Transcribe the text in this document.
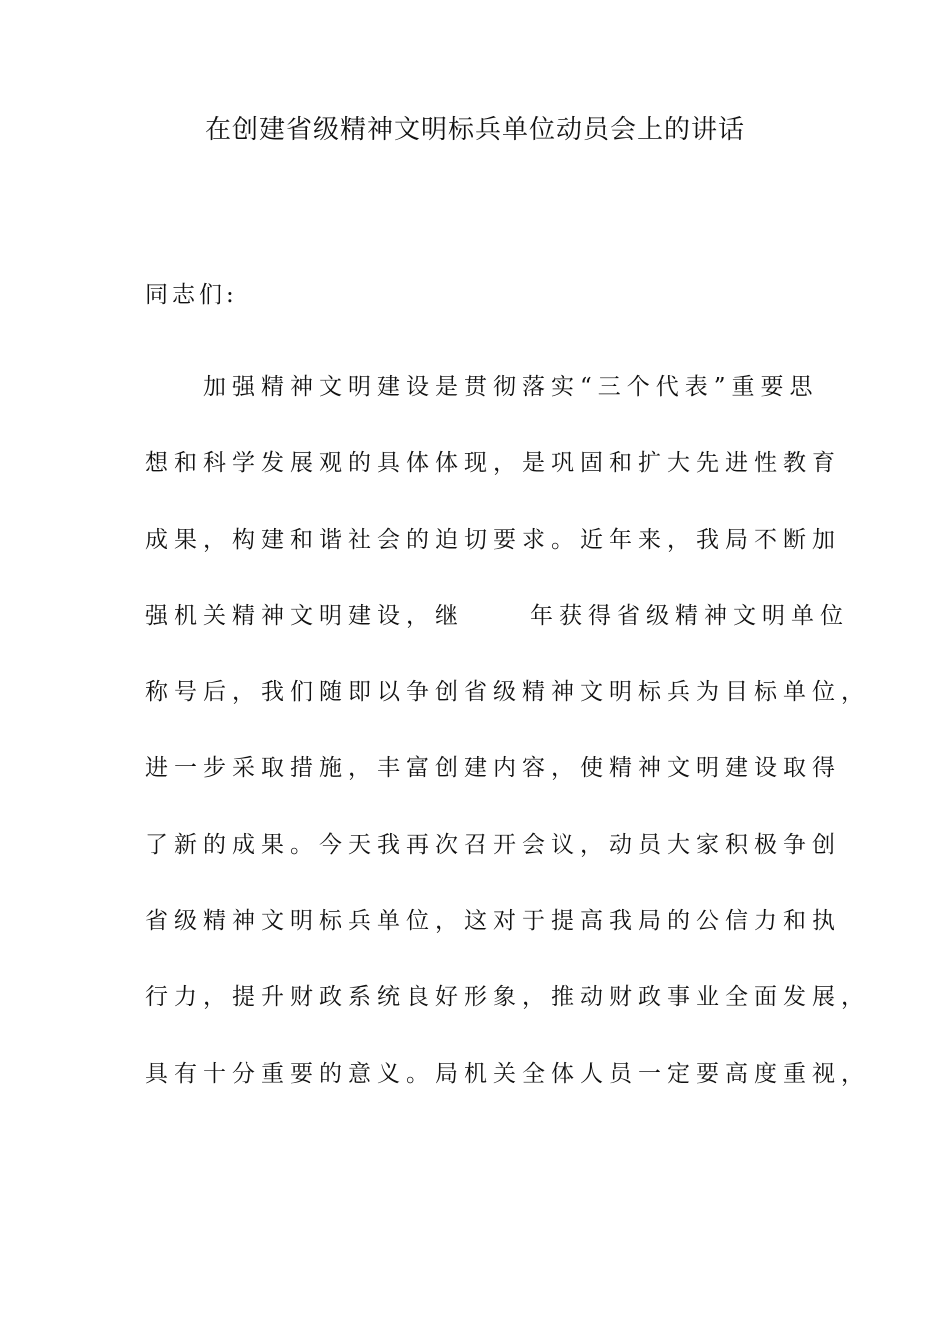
在创建省级精神文明标兵单位动员会上的讲话
同志们:
加强精神文明建设是贯彻落实“三个代表”重要思
想和科学发展观的具体体现，是巩固和扩大先进性教育
成果，构建和谐社会的迫切要求。近年来，我局不断加
强机关精神文明建设，继	年获得省级精神文明单位
称号后，我们随即以争创省级精神文明标兵为目标单位，
进一步采取措施，丰富创建内容，使精神文明建设取得
了新的成果。今天我再次召开会议，动员大家积极争创
省级精神文明标兵单位，这对于提高我局的公信力和执
行力，提升财政系统良好形象，推动财政事业全面发展，
具有十分重要的意义。局机关全体人员一定要高度重视，
